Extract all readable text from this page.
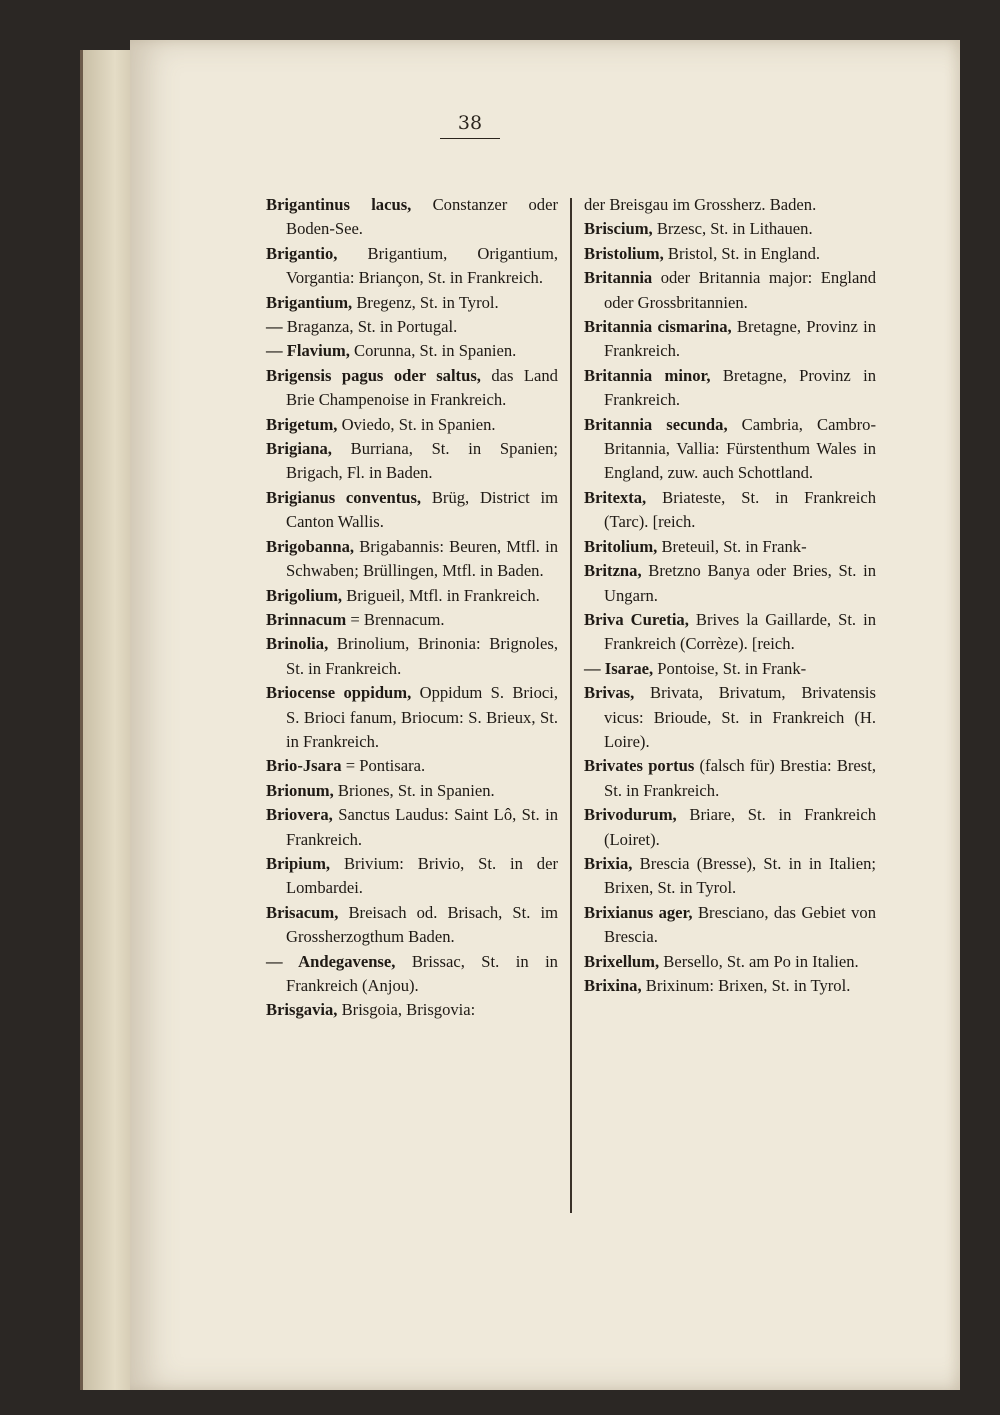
38

Brigantinus lacus, Constanzer oder Boden-See.

Brigantio, Brigantium, Origantium, Vorgantia: Briançon, St. in Frankreich.

Brigantium, Bregenz, St. in Tyrol.

— Braganza, St. in Portugal.

— Flavium, Corunna, St. in Spanien.

Brigensis pagus oder saltus, das Land Brie Champenoise in Frankreich.

Brigetum, Oviedo, St. in Spanien.

Brigiana, Burriana, St. in Spanien; Brigach, Fl. in Baden.

Brigianus conventus, Brüg, District im Canton Wallis.

Brigobanna, Brigabannis: Beuren, Mtfl. in Schwaben; Brüllingen, Mtfl. in Baden.

Brigolium, Brigueil, Mtfl. in Frankreich.

Brinnacum = Brennacum.

Brinolia, Brinolium, Brinonia: Brignoles, St. in Frankreich.

Briocense oppidum, Oppidum S. Brioci, S. Brioci fanum, Briocum: S. Brieux, St. in Frankreich.

Brio-Jsara = Pontisara.

Brionum, Briones, St. in Spanien.

Briovera, Sanctus Laudus: Saint Lô, St. in Frankreich.

Bripium, Brivium: Brivio, St. in der Lombardei.

Brisacum, Breisach od. Brisach, St. im Grossherzogthum Baden.

— Andegavense, Brissac, St. in in Frankreich (Anjou).

Brisgavia, Brisgoia, Brisgovia:

der Breisgau im Grossherz. Baden.

Briscium, Brzesc, St. in Lithauen.

Bristolium, Bristol, St. in England.

Britannia oder Britannia major: England oder Grossbritannien.

Britannia cismarina, Bretagne, Provinz in Frankreich.

Britannia minor, Bretagne, Provinz in Frankreich.

Britannia secunda, Cambria, Cambro-Britannia, Vallia: Fürstenthum Wales in England, zuw. auch Schottland.

Britexta, Briateste, St. in Frankreich (Tarc). [reich.

Britolium, Breteuil, St. in Frank-

Britzna, Bretzno Banya oder Bries, St. in Ungarn.

Briva Curetia, Brives la Gaillarde, St. in Frankreich (Corrèze). [reich.

— Isarae, Pontoise, St. in Frank-

Brivas, Brivata, Brivatum, Brivatensis vicus: Brioude, St. in Frankreich (H. Loire).

Brivates portus (falsch für) Brestia: Brest, St. in Frankreich.

Brivodurum, Briare, St. in Frankreich (Loiret).

Brixia, Brescia (Bresse), St. in in Italien; Brixen, St. in Tyrol.

Brixianus ager, Bresciano, das Gebiet von Brescia.

Brixellum, Bersello, St. am Po in Italien.

Brixina, Brixinum: Brixen, St. in Tyrol.
